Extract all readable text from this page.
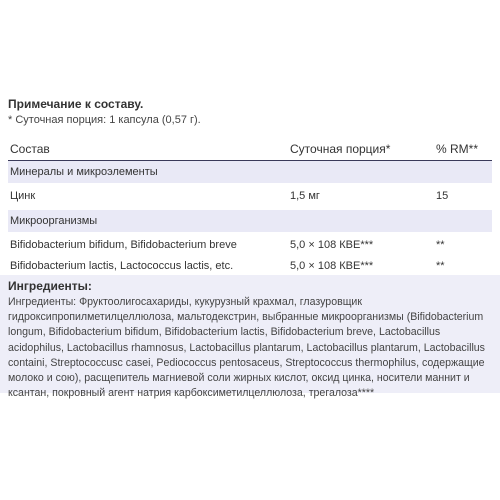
Примечание к составу.
* Суточная порция: 1 капсула (0,57 г).
Состав	Суточная порция*	% RM**
Минералы и микроэлементы
Цинк	1,5 мг	15
Микроорганизмы
Bifidobacterium bifidum, Bifidobacterium breve	5,0 × 108 КВЕ***	**
Bifidobacterium lactis, Lactococcus lactis, etc.	5,0 × 108 КВЕ***	**
Ингредиенты:
Ингредиенты: Фруктоолигосахариды, кукурузный крахмал, глазуровщик
гидроксипропилметилцеллюлоза, мальтодекстрин, выбранные микроорганизмы (Bifidobacterium
longum, Bifidobacterium bifidum, Bifidobacterium lactis, Bifidobacterium breve, Lactobacillus
acidophilus, Lactobacillus rhamnosus, Lactobacillus plantarum, Lactobacillus plantarum, Lactobacillus
containi, Streptococcusc casei, Pediococcus pentosaceus, Streptococcus thermophilus, содержащие
молоко и сою), расщепитель магниевой соли жирных кислот, оксид цинка, носители маннит и
ксантан, покровный агент натрия карбоксиметилцеллюлоза, трегалоза****
